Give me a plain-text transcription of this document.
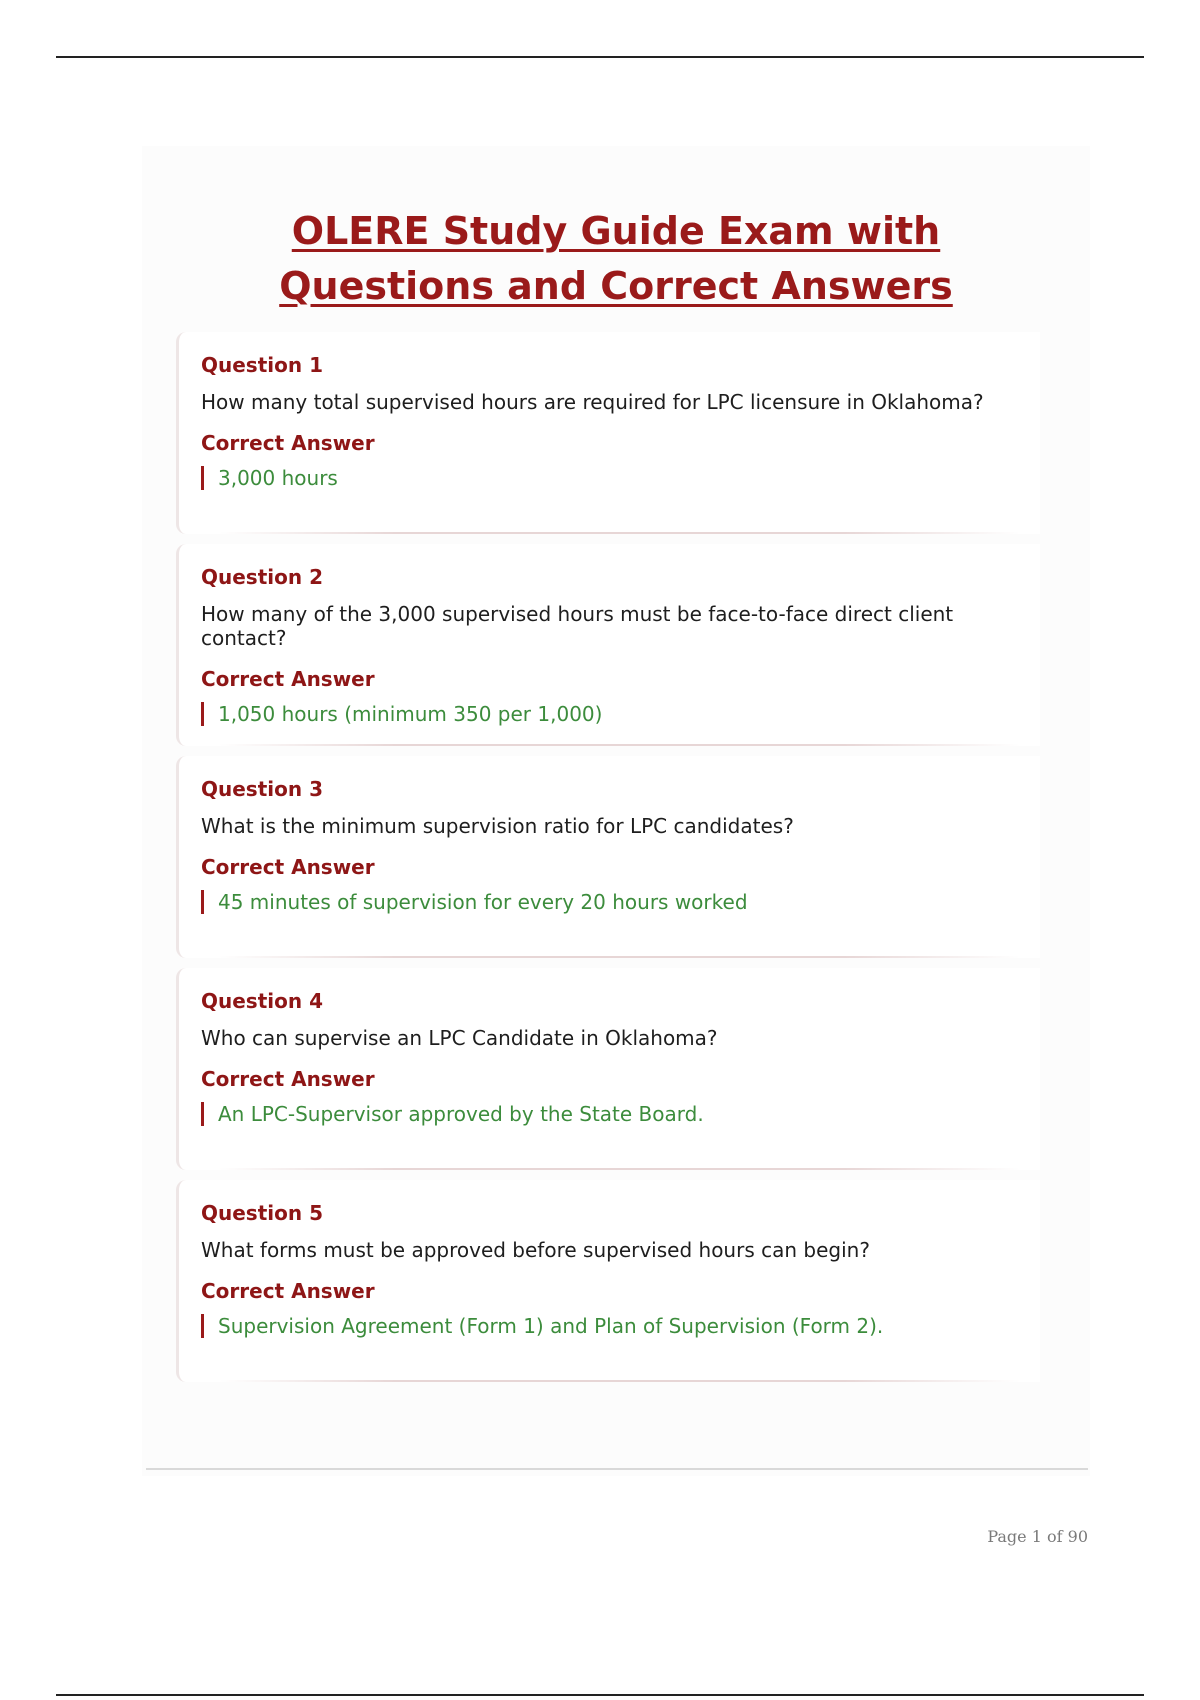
OLERE Study Guide Exam with Questions and Correct Answers
Question 1
How many total supervised hours are required for LPC licensure in Oklahoma?
Correct Answer
3,000 hours
Question 2
How many of the 3,000 supervised hours must be face-to-face direct client contact?
Correct Answer
1,050 hours (minimum 350 per 1,000)
Question 3
What is the minimum supervision ratio for LPC candidates?
Correct Answer
45 minutes of supervision for every 20 hours worked
Question 4
Who can supervise an LPC Candidate in Oklahoma?
Correct Answer
An LPC-Supervisor approved by the State Board.
Question 5
What forms must be approved before supervised hours can begin?
Correct Answer
Supervision Agreement (Form 1) and Plan of Supervision (Form 2).
Page 1 of 90
